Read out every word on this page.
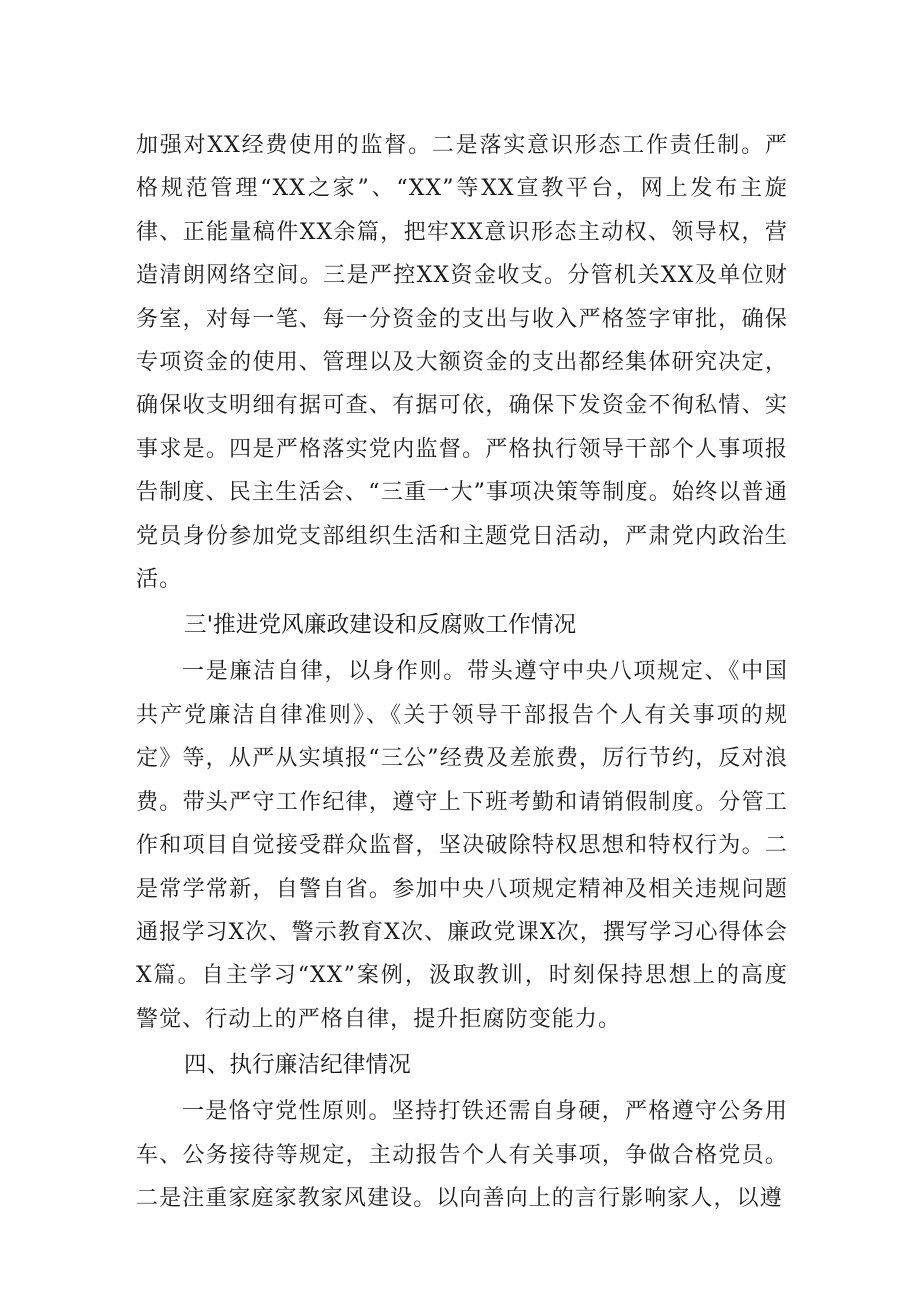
加强对XX经费使用的监督。二是落实意识形态工作责任制。严格规范管理“XX之家”、“XX”等XX宣教平台，网上发布主旋律、正能量稿件XX余篇，把牢XX意识形态主动权、领导权，营造清朗网络空间。三是严控XX资金收支。分管机关XX及单位财务室，对每一笔、每一分资金的支出与收入严格签字审批，确保专项资金的使用、管理以及大额资金的支出都经集体研究决定，确保收支明细有据可查、有据可依，确保下发资金不徇私情、实事求是。四是严格落实党内监督。严格执行领导干部个人事项报告制度、民主生活会、“三重一大”事项决策等制度。始终以普通党员身份参加党支部组织生活和主题党日活动，严肃党内政治生活。

三'推进党风廉政建设和反腐败工作情况

一是廉洁自律，以身作则。带头遵守中央八项规定、《中国共产党廉洁自律准则》、《关于领导干部报告个人有关事项的规定》等，从严从实填报“三公”经费及差旅费，厉行节约，反对浪费。带头严守工作纪律，遵守上下班考勤和请销假制度。分管工作和项目自觉接受群众监督，坚决破除特权思想和特权行为。二是常学常新，自警自省。参加中央八项规定精神及相关违规问题通报学习X次、警示教育X次、廉政党课X次，撰写学习心得体会X篇。自主学习“XX”案例，汲取教训，时刻保持思想上的高度警觉、行动上的严格自律，提升拒腐防变能力。

四、执行廉洁纪律情况

一是恪守党性原则。坚持打铁还需自身硬，严格遵守公务用车、公务接待等规定，主动报告个人有关事项，争做合格党员。二是注重家庭家教家风建设。以向善向上的言行影响家人，以遵
